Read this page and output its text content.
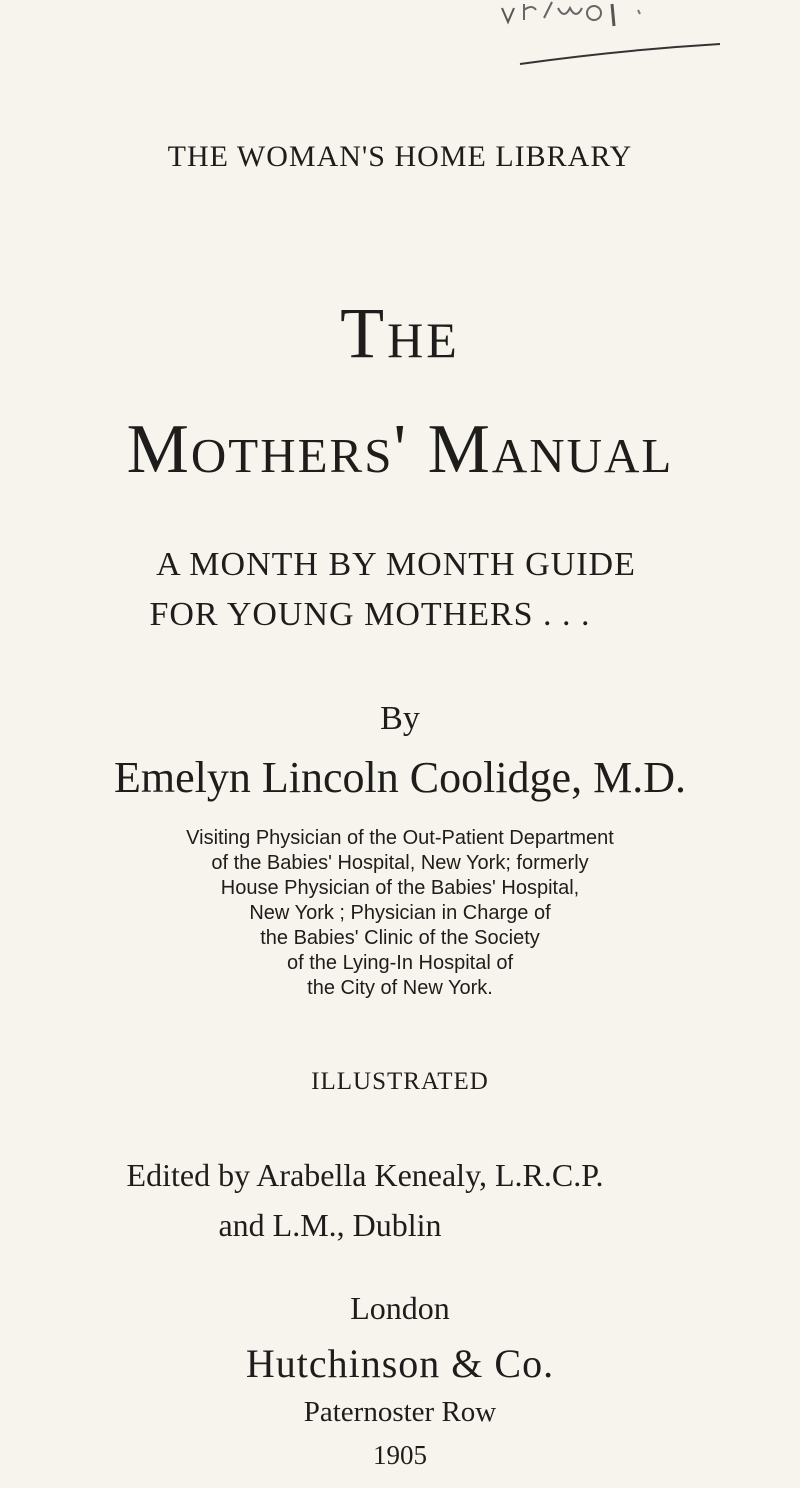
THE WOMAN'S HOME LIBRARY
The
Mothers' Manual
A MONTH BY MONTH GUIDE
FOR YOUNG MOTHERS . . .
By
Emelyn Lincoln Coolidge, M.D.
Visiting Physician of the Out-Patient Department
of the Babies' Hospital, New York; formerly
House Physician of the Babies' Hospital,
New York ; Physician in Charge of
the Babies' Clinic of the Society
of the Lying-In Hospital of
the City of New York.
ILLUSTRATED
Edited by Arabella Kenealy, L.R.C.P.
and L.M., Dublin
London
Hutchinson & Co.
Paternoster Row
1905
